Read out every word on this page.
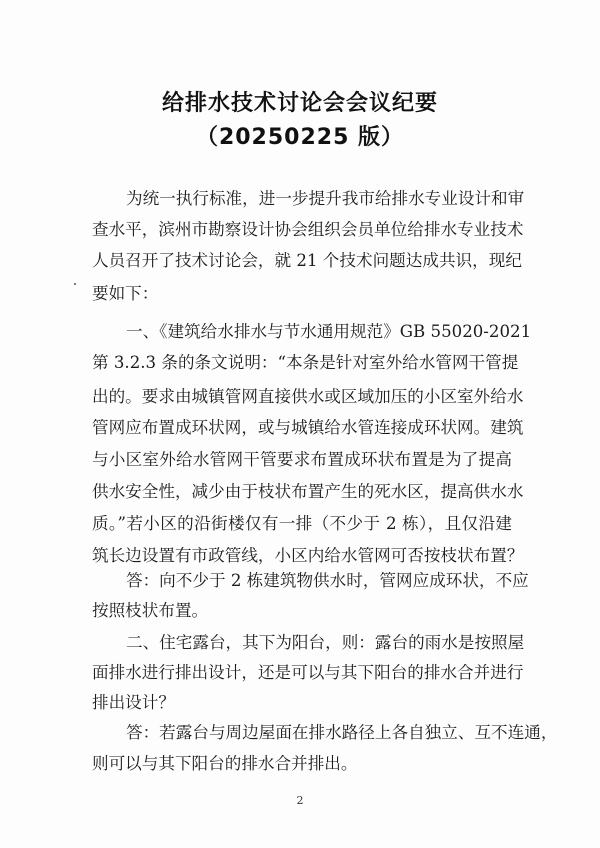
给排水技术讨论会会议纪要
（20250225 版）
为统一执行标准，进一步提升我市给排水专业设计和审
查水平，滨州市勘察设计协会组织会员单位给排水专业技术
人员召开了技术讨论会，就 21 个技术问题达成共识，现纪
要如下：
一、《建筑给水排水与节水通用规范》GB 55020-2021
第 3.2.3 条的条文说明：“本条是针对室外给水管网干管提
出的。要求由城镇管网直接供水或区域加压的小区室外给水
管网应布置成环状网，或与城镇给水管连接成环状网。建筑
与小区室外给水管网干管要求布置成环状布置是为了提高
供水安全性，减少由于枝状布置产生的死水区，提高供水水
质。”若小区的沿街楼仅有一排（不少于 2 栋），且仅沿建
筑长边设置有市政管线，小区内给水管网可否按枝状布置？
答：向不少于 2 栋建筑物供水时，管网应成环状，不应
按照枝状布置。
二、住宅露台，其下为阳台，则：露台的雨水是按照屋
面排水进行排出设计，还是可以与其下阳台的排水合并进行
排出设计？
2
答：若露台与周边屋面在排水路径上各自独立、互不连通，
则可以与其下阳台的排水合并排出。
